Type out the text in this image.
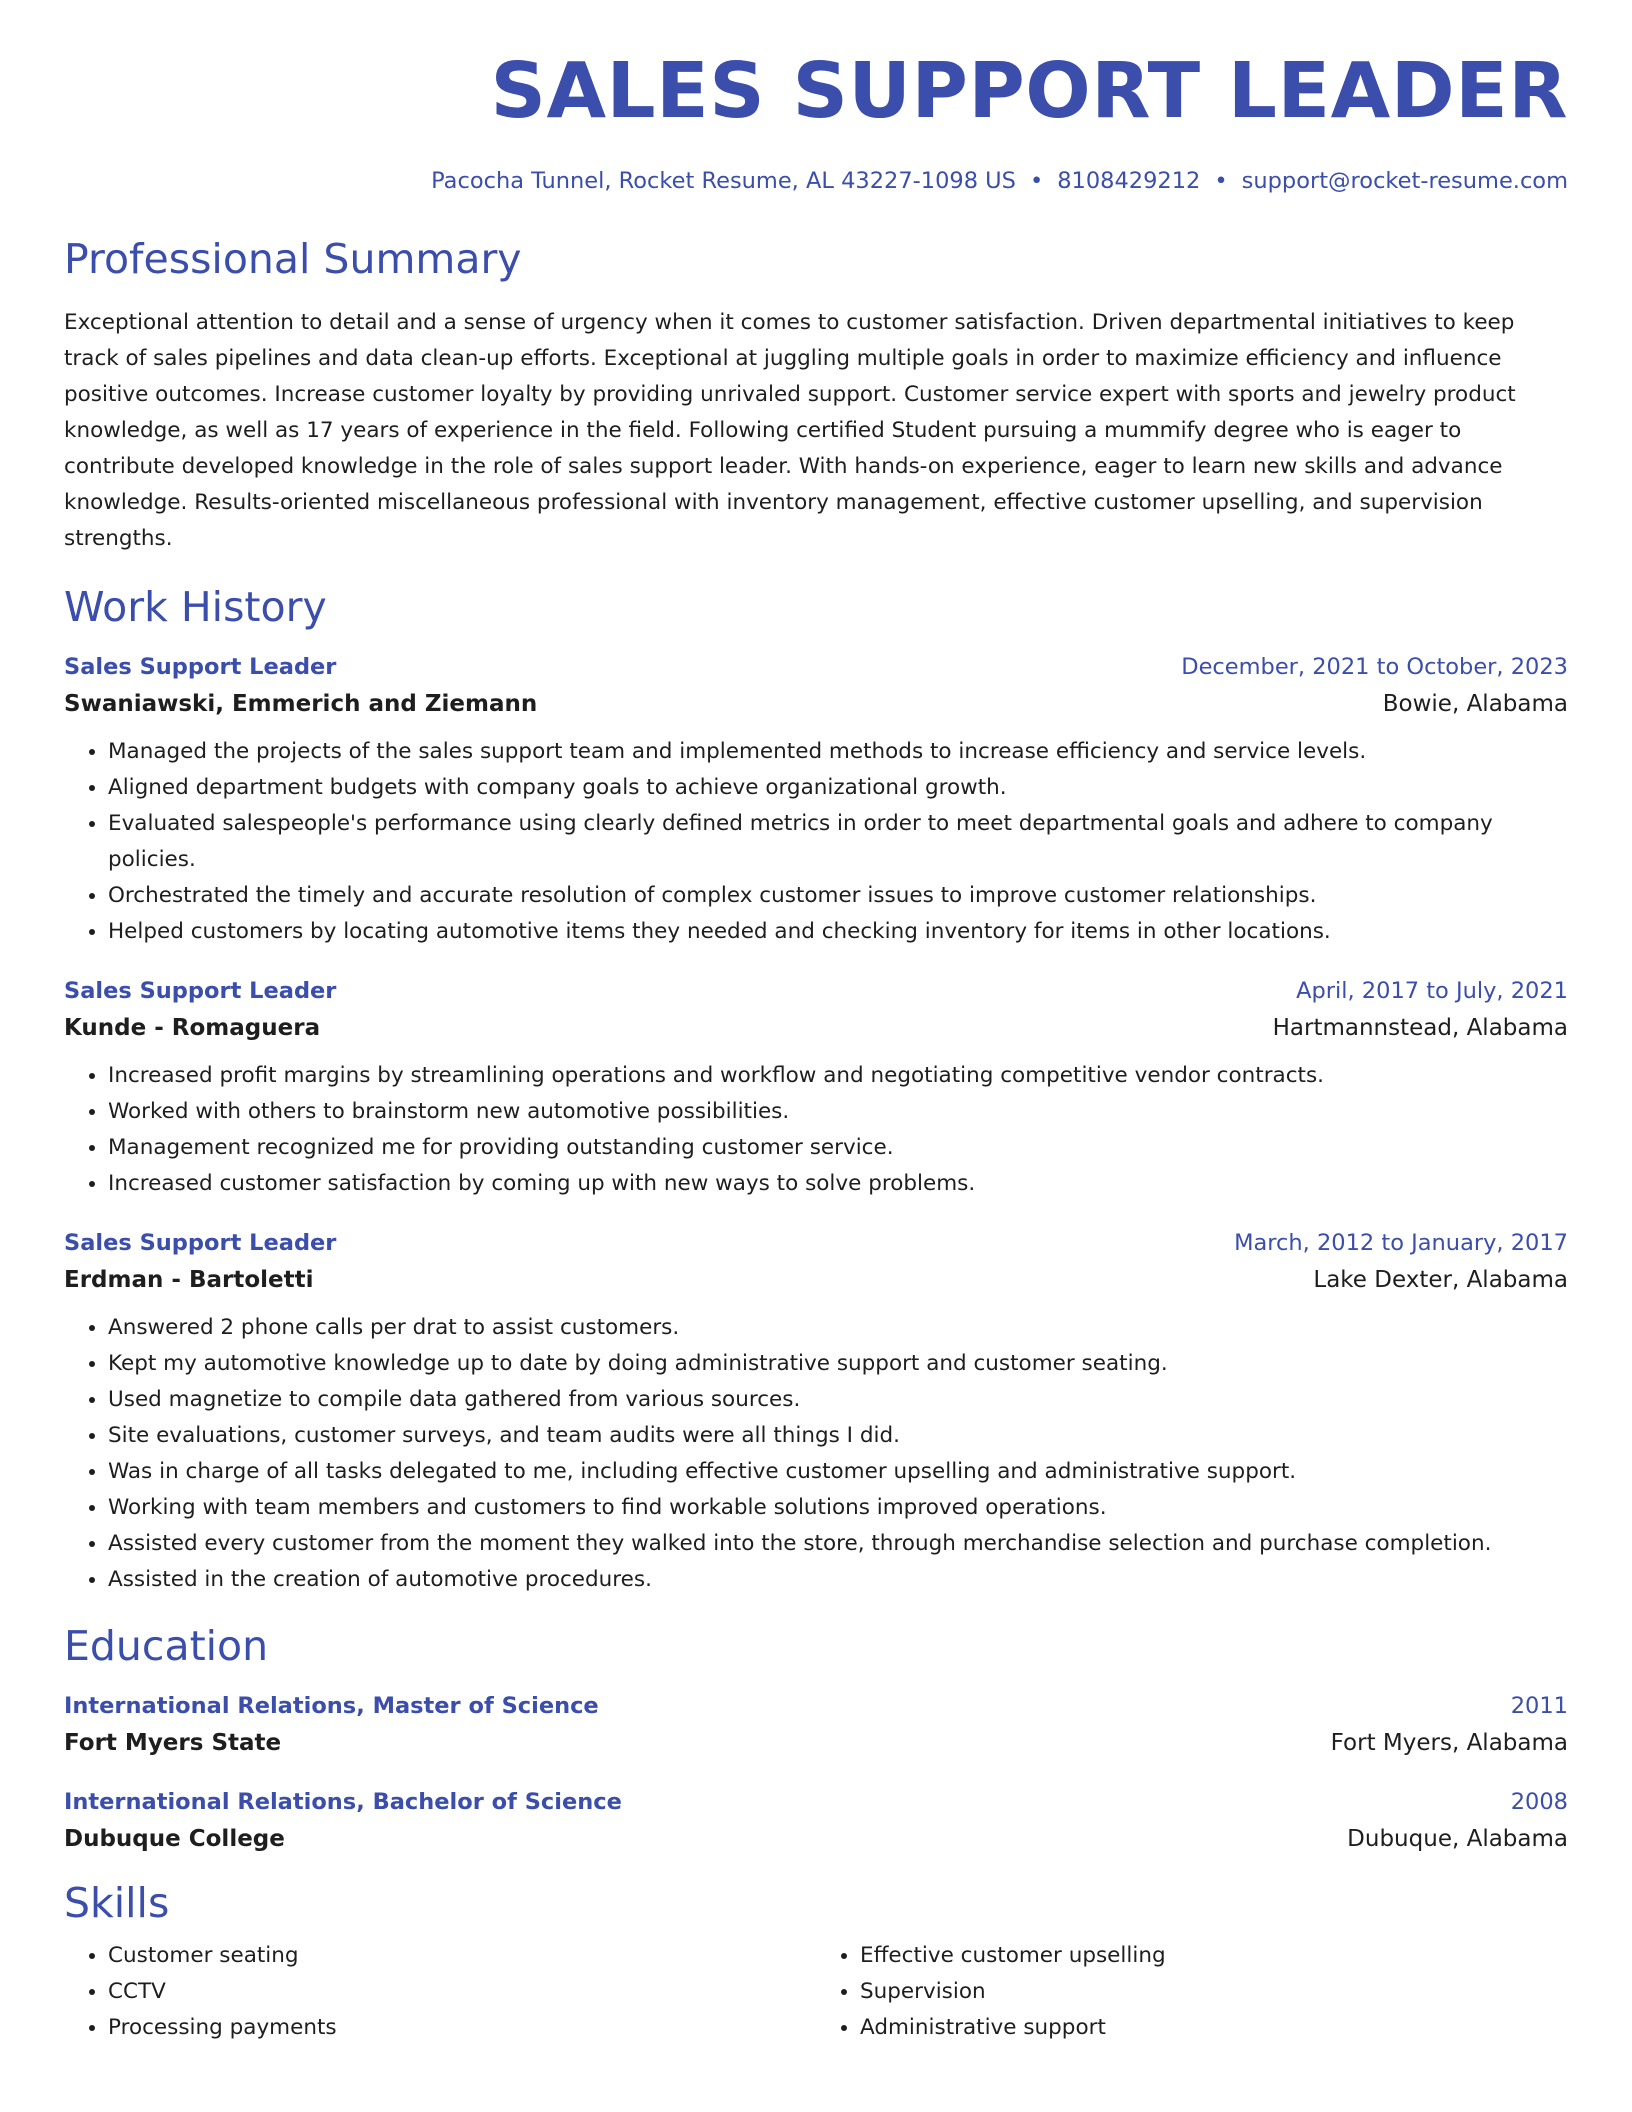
SALES SUPPORT LEADER
Pacocha Tunnel, Rocket Resume, AL 43227-1098 US • 8108429212 • support@rocket-resume.com
Professional Summary

Exceptional attention to detail and a sense of urgency when it comes to customer satisfaction. Driven departmental initiatives to keep track of sales pipelines and data clean-up efforts. Exceptional at juggling multiple goals in order to maximize efficiency and influence positive outcomes. Increase customer loyalty by providing unrivaled support. Customer service expert with sports and jewelry product knowledge, as well as 17 years of experience in the field. Following certified Student pursuing a mummify degree who is eager to contribute developed knowledge in the role of sales support leader. With hands-on experience, eager to learn new skills and advance knowledge. Results-oriented miscellaneous professional with inventory management, effective customer upselling, and supervision strengths.

Work History
Sales Support Leader	December, 2021 to October, 2023
Swaniawski, Emmerich and Ziemann	Bowie, Alabama
• Managed the projects of the sales support team and implemented methods to increase efficiency and service levels.
• Aligned department budgets with company goals to achieve organizational growth.
• Evaluated salespeople's performance using clearly defined metrics in order to meet departmental goals and adhere to company policies.
• Orchestrated the timely and accurate resolution of complex customer issues to improve customer relationships.
• Helped customers by locating automotive items they needed and checking inventory for items in other locations.
Sales Support Leader	April, 2017 to July, 2021
Kunde - Romaguera	Hartmannstead, Alabama
• Increased profit margins by streamlining operations and workflow and negotiating competitive vendor contracts.
• Worked with others to brainstorm new automotive possibilities.
• Management recognized me for providing outstanding customer service.
• Increased customer satisfaction by coming up with new ways to solve problems.
Sales Support Leader	March, 2012 to January, 2017
Erdman - Bartoletti	Lake Dexter, Alabama
• Answered 2 phone calls per drat to assist customers.
• Kept my automotive knowledge up to date by doing administrative support and customer seating.
• Used magnetize to compile data gathered from various sources.
• Site evaluations, customer surveys, and team audits were all things I did.
• Was in charge of all tasks delegated to me, including effective customer upselling and administrative support.
• Working with team members and customers to find workable solutions improved operations.
• Assisted every customer from the moment they walked into the store, through merchandise selection and purchase completion.
• Assisted in the creation of automotive procedures.
Education
International Relations, Master of Science	2011
Fort Myers State	Fort Myers, Alabama
International Relations, Bachelor of Science	2008
Dubuque College	Dubuque, Alabama
Skills
• Customer seating
• CCTV
• Processing payments
• Effective customer upselling
• Supervision
• Administrative support
